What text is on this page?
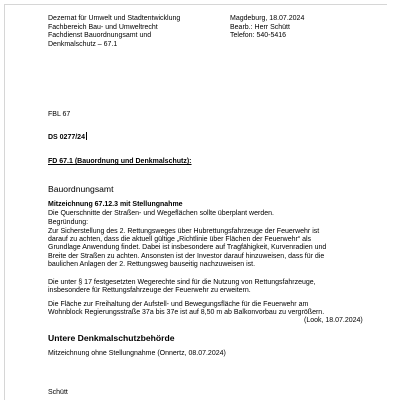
Dezernat für Umwelt und Stadtentwicklung
Fachbereich Bau- und Umweltrecht
Fachdienst Bauordnungsamt und
Denkmalschutz – 67.1
Magdeburg, 18.07.2024
Bearb.: Herr Schütt
Telefon: 540-5416
FBL 67
DS 0277/24
FD 67.1 (Bauordnung und Denkmalschutz):
Bauordnungsamt
Mitzeichnung 67.12.3 mit Stellungnahme
Die Querschnitte der Straßen- und Wegeflächen sollte überplant werden.
Begründung:
Zur Sicherstellung des 2. Rettungsweges über Hubrettungsfahrzeuge der Feuerwehr ist
darauf zu achten, dass die aktuell gültige „Richtlinie über Flächen der Feuerwehr“ als
Grundlage Anwendung findet. Dabei ist insbesondere auf Tragfähigkeit, Kurvenradien und
Breite der Straßen zu achten. Ansonsten ist der Investor darauf hinzuweisen, dass für die
baulichen Anlagen der 2. Rettungsweg bauseitig nachzuweisen ist.
Die unter § 17 festgesetzten Wegerechte sind für die Nutzung von Rettungsfahrzeuge,
insbesondere für Rettungsfahrzeuge der Feuerwehr zu erweitern.
Die Fläche zur Freihaltung der Aufstell- und Bewegungsfläche für die Feuerwehr am
Wohnblock Regierungsstraße 37a bis 37e ist auf 8,50 m ab Balkonvorbau zu vergrößern.
(Look, 18.07.2024)
Untere Denkmalschutzbehörde
Mitzeichnung ohne Stellungnahme (Onnertz, 08.07.2024)
Schütt
